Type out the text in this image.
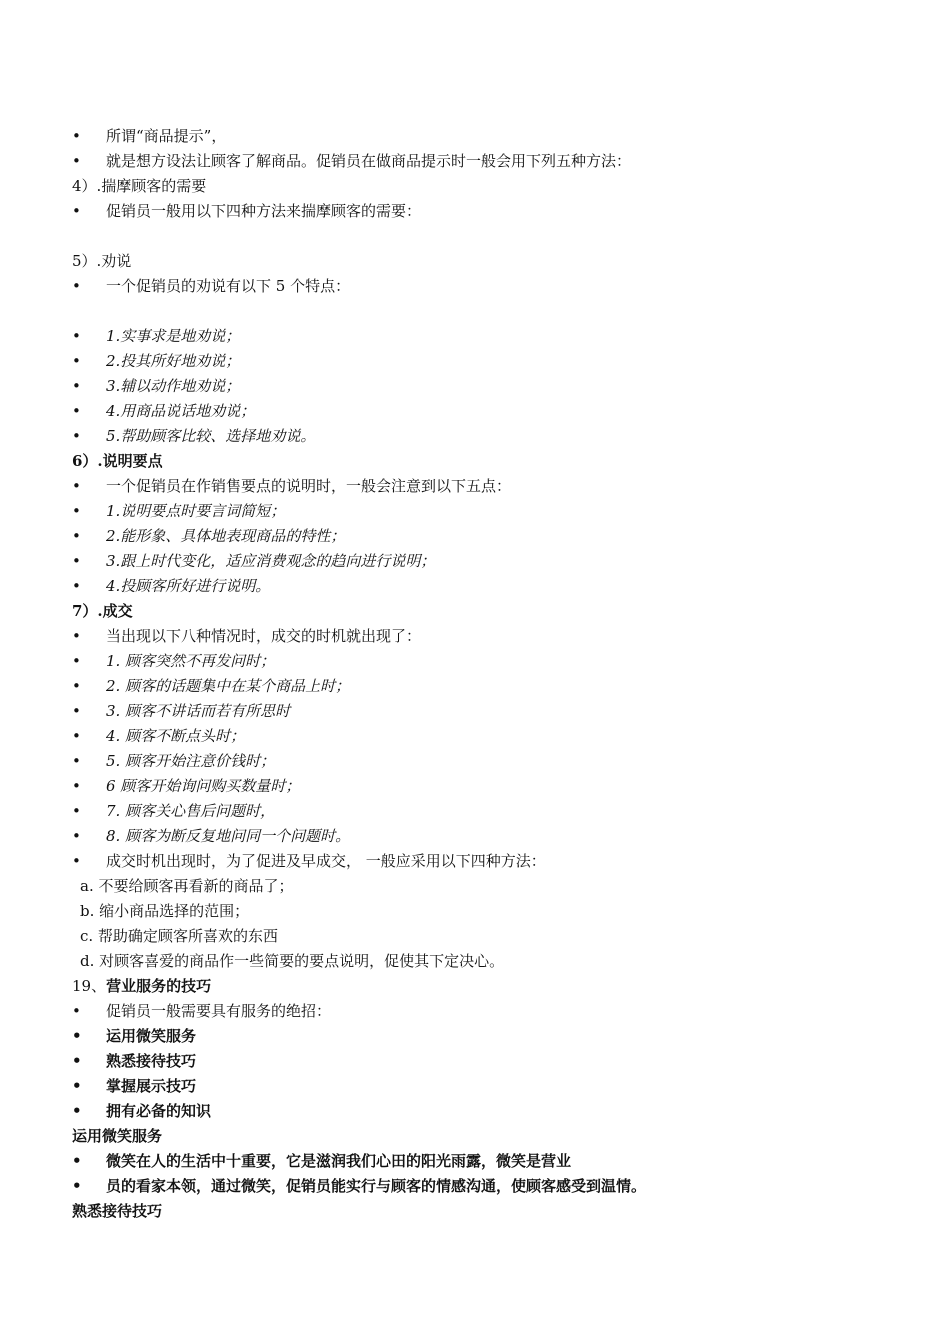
•	所谓“商品提示”，
•	就是想方设法让顾客了解商品。促销员在做商品提示时一般会用下列五种方法：
4）.揣摩顾客的需要
•	促销员一般用以下四种方法来揣摩顾客的需要：
5）.劝说
•	一个促销员的劝说有以下 5 个特点：
•	1.实事求是地劝说；
•	2.投其所好地劝说；
•	3.辅以动作地劝说；
•	4.用商品说话地劝说；
•	5.帮助顾客比较、选择地劝说。
6）.说明要点
•	一个促销员在作销售要点的说明时，一般会注意到以下五点：
•	1.说明要点时要言词简短；
•	2.能形象、具体地表现商品的特性；
•	3.跟上时代变化，适应消费观念的趋向进行说明；
•	4.投顾客所好进行说明。
7）.成交
•	当出现以下八种情况时，成交的时机就出现了：
•	1. 顾客突然不再发问时；
•	2. 顾客的话题集中在某个商品上时；
•	3. 顾客不讲话而若有所思时
•	4. 顾客不断点头时；
•	5. 顾客开始注意价钱时；
•	6 顾客开始询问购买数量时；
•	7. 顾客关心售后问题时，
•	8. 顾客为断反复地问同一个问题时。
•	成交时机出现时，为了促进及早成交， 一般应采用以下四种方法：
a. 不要给顾客再看新的商品了；
b. 缩小商品选择的范围；
c. 帮助确定顾客所喜欢的东西
d. 对顾客喜爱的商品作一些简要的要点说明，促使其下定决心。
19、营业服务的技巧
•	促销员一般需要具有服务的绝招：
• 运用微笑服务
• 熟悉接待技巧
• 掌握展示技巧
• 拥有必备的知识
运用微笑服务
• 微笑在人的生活中十重要，它是滋润我们心田的阳光雨露，微笑是营业
• 员的看家本领，通过微笑，促销员能实行与顾客的情感沟通，使顾客感受到温情。
熟悉接待技巧
